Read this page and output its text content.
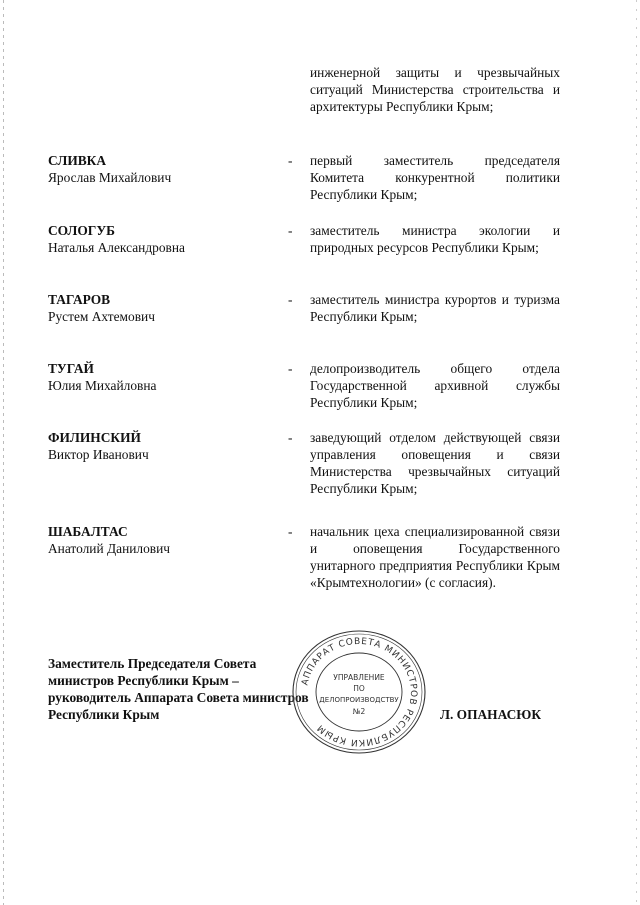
инженерной защиты и чрезвычайных ситуаций Министерства строительства и архитектуры Республики Крым;
СЛИВКА
Ярослав Михайлович
- первый заместитель председателя Комитета конкурентной политики Республики Крым;
СОЛОГУБ
Наталья Александровна
- заместитель министра экологии и природных ресурсов Республики Крым;
ТАГАРОВ
Рустем Ахтемович
- заместитель министра курортов и туризма Республики Крым;
ТУГАЙ
Юлия Михайловна
- делопроизводитель общего отдела Государственной архивной службы Республики Крым;
ФИЛИНСКИЙ
Виктор Иванович
- заведующий отделом действующей связи управления оповещения и связи Министерства чрезвычайных ситуаций Республики Крым;
ШАБАЛТАС
Анатолий Данилович
- начальник цеха специализированной связи и оповещения Государственного унитарного предприятия Республики Крым «Крымтехнологии» (с согласия).
Заместитель Председателя Совета
министров Республики Крым –
руководитель Аппарата Совета министров
Республики Крым	Л. ОПАНАСЮК
АППАРАТ СОВЕТА МИНИСТРОВ РЕСПУБЛИКИ КРЫМ
УПРАВЛЕНИЕ
ПО
ДЕЛОПРОИЗВОДСТВУ
№2
